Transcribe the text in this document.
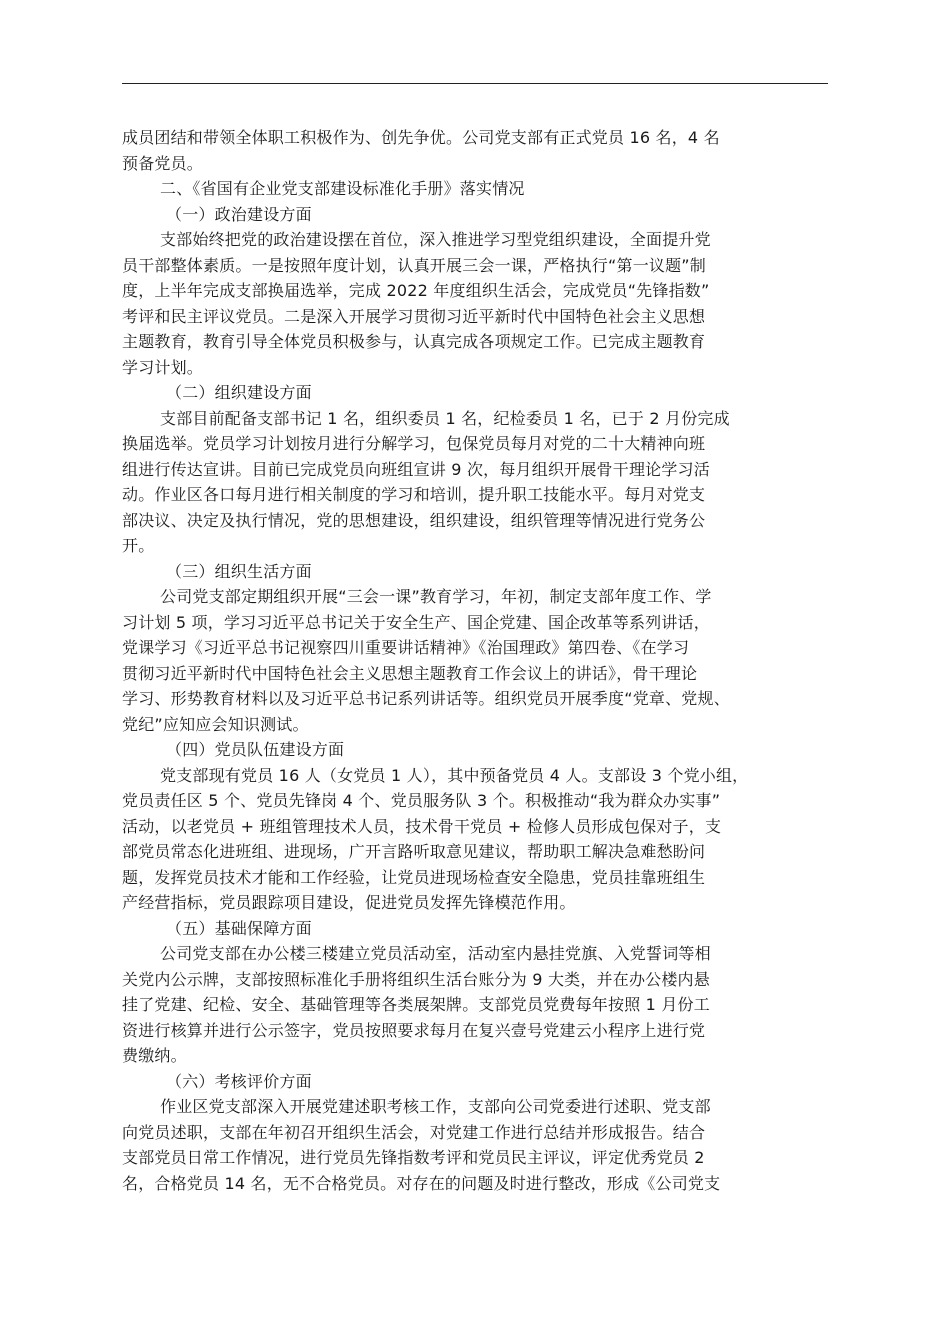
成员团结和带领全体职工积极作为、创先争优。公司党支部有正式党员 16 名，4 名
预备党员。
二、《省国有企业党支部建设标准化手册》落实情况
（一）政治建设方面
支部始终把党的政治建设摆在首位，深入推进学习型党组织建设，全面提升党
员干部整体素质。一是按照年度计划，认真开展三会一课，严格执行“第一议题”制
度，上半年完成支部换届选举，完成 2022 年度组织生活会，完成党员“先锋指数”
考评和民主评议党员。二是深入开展学习贯彻习近平新时代中国特色社会主义思想
主题教育，教育引导全体党员积极参与，认真完成各项规定工作。已完成主题教育
学习计划。
（二）组织建设方面
支部目前配备支部书记 1 名，组织委员 1 名，纪检委员 1 名，已于 2 月份完成
换届选举。党员学习计划按月进行分解学习，包保党员每月对党的二十大精神向班
组进行传达宣讲。目前已完成党员向班组宣讲 9 次，每月组织开展骨干理论学习活
动。作业区各口每月进行相关制度的学习和培训，提升职工技能水平。每月对党支
部决议、决定及执行情况，党的思想建设，组织建设，组织管理等情况进行党务公
开。
（三）组织生活方面
公司党支部定期组织开展“三会一课”教育学习，年初，制定支部年度工作、学
习计划 5 项，学习习近平总书记关于安全生产、国企党建、国企改革等系列讲话，
党课学习《习近平总书记视察四川重要讲话精神》《治国理政》第四卷、《在学习
贯彻习近平新时代中国特色社会主义思想主题教育工作会议上的讲话》，骨干理论
学习、形势教育材料以及习近平总书记系列讲话等。组织党员开展季度“党章、党规、
党纪”应知应会知识测试。
（四）党员队伍建设方面
党支部现有党员 16 人（女党员 1 人），其中预备党员 4 人。支部设 3 个党小组，
党员责任区 5 个、党员先锋岗 4 个、党员服务队 3 个。积极推动“我为群众办实事”
活动，以老党员 + 班组管理技术人员，技术骨干党员 + 检修人员形成包保对子，支
部党员常态化进班组、进现场，广开言路听取意见建议，帮助职工解决急难愁盼问
题，发挥党员技术才能和工作经验，让党员进现场检查安全隐患，党员挂靠班组生
产经营指标，党员跟踪项目建设，促进党员发挥先锋模范作用。
（五）基础保障方面
公司党支部在办公楼三楼建立党员活动室，活动室内悬挂党旗、入党誓词等相
关党内公示牌，支部按照标准化手册将组织生活台账分为 9 大类，并在办公楼内悬
挂了党建、纪检、安全、基础管理等各类展架牌。支部党员党费每年按照 1 月份工
资进行核算并进行公示签字，党员按照要求每月在复兴壹号党建云小程序上进行党
费缴纳。
（六）考核评价方面
作业区党支部深入开展党建述职考核工作，支部向公司党委进行述职、党支部
向党员述职，支部在年初召开组织生活会，对党建工作进行总结并形成报告。结合
支部党员日常工作情况，进行党员先锋指数考评和党员民主评议，评定优秀党员 2
名，合格党员 14 名，无不合格党员。对存在的问题及时进行整改，形成《公司党支
